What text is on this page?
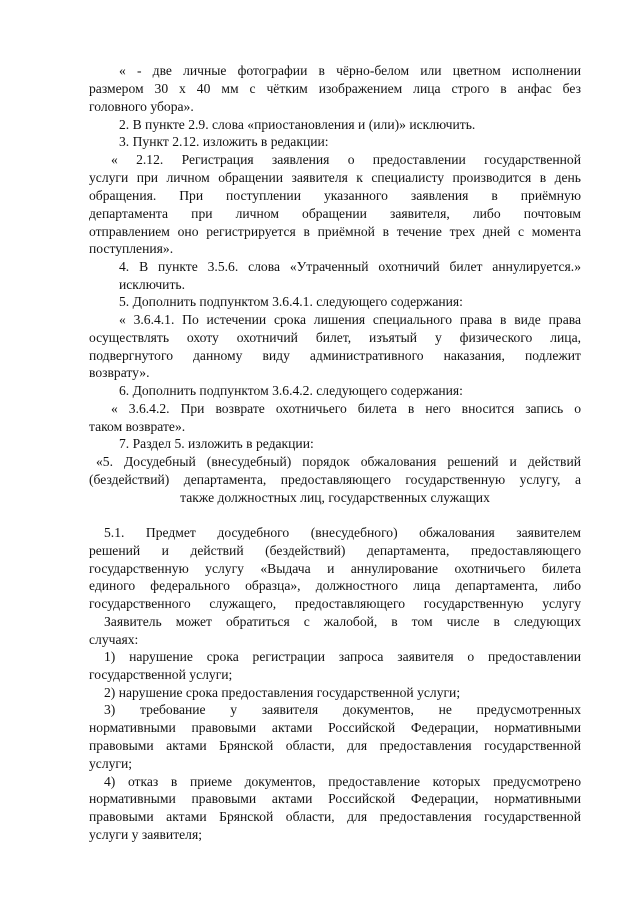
« - две личные фотографии в чёрно-белом или цветном исполнении
размером 30 х 40 мм с чётким изображением лица строго в анфас без
головного убора».
2. В пункте 2.9. слова «приостановления и (или)» исключить.
3. Пункт 2.12. изложить в редакции:
« 2.12. Регистрация заявления о предоставлении государственной
услуги при личном обращении заявителя к специалисту производится в день
обращения. При поступлении указанного заявления в приёмную
департамента при личном обращении заявителя, либо почтовым
отправлением оно регистрируется в приёмной в течение трех дней с момента
поступления».
4. В пункте 3.5.6. слова «Утраченный охотничий билет аннулируется.»
исключить.
5. Дополнить подпунктом 3.6.4.1. следующего содержания:
« 3.6.4.1. По истечении срока лишения специального права в виде права
осуществлять охоту охотничий билет, изъятый у физического лица,
подвергнутого данному виду административного наказания, подлежит
возврату».
6. Дополнить подпунктом 3.6.4.2. следующего содержания:
« 3.6.4.2. При возврате охотничьего билета в него вносится запись о
таком возврате».
7. Раздел 5. изложить в редакции:
«5. Досудебный (внесудебный) порядок обжалования решений и действий
(бездействий) департамента, предоставляющего государственную услугу, а
также должностных лиц, государственных служащих
5.1. Предмет досудебного (внесудебного) обжалования заявителем
решений и действий (бездействий) департамента, предоставляющего
государственную услугу «Выдача и аннулирование охотничьего билета
единого федерального образца», должностного лица департамента, либо
государственного служащего, предоставляющего государственную услугу
Заявитель может обратиться с жалобой, в том числе в следующих
случаях:
1) нарушение срока регистрации запроса заявителя о предоставлении
государственной услуги;
2) нарушение срока предоставления государственной услуги;
3) требование у заявителя документов, не предусмотренных
нормативными правовыми актами Российской Федерации, нормативными
правовыми актами Брянской области, для предоставления государственной
услуги;
4) отказ в приеме документов, предоставление которых предусмотрено
нормативными правовыми актами Российской Федерации, нормативными
правовыми актами Брянской области, для предоставления государственной
услуги у заявителя;
